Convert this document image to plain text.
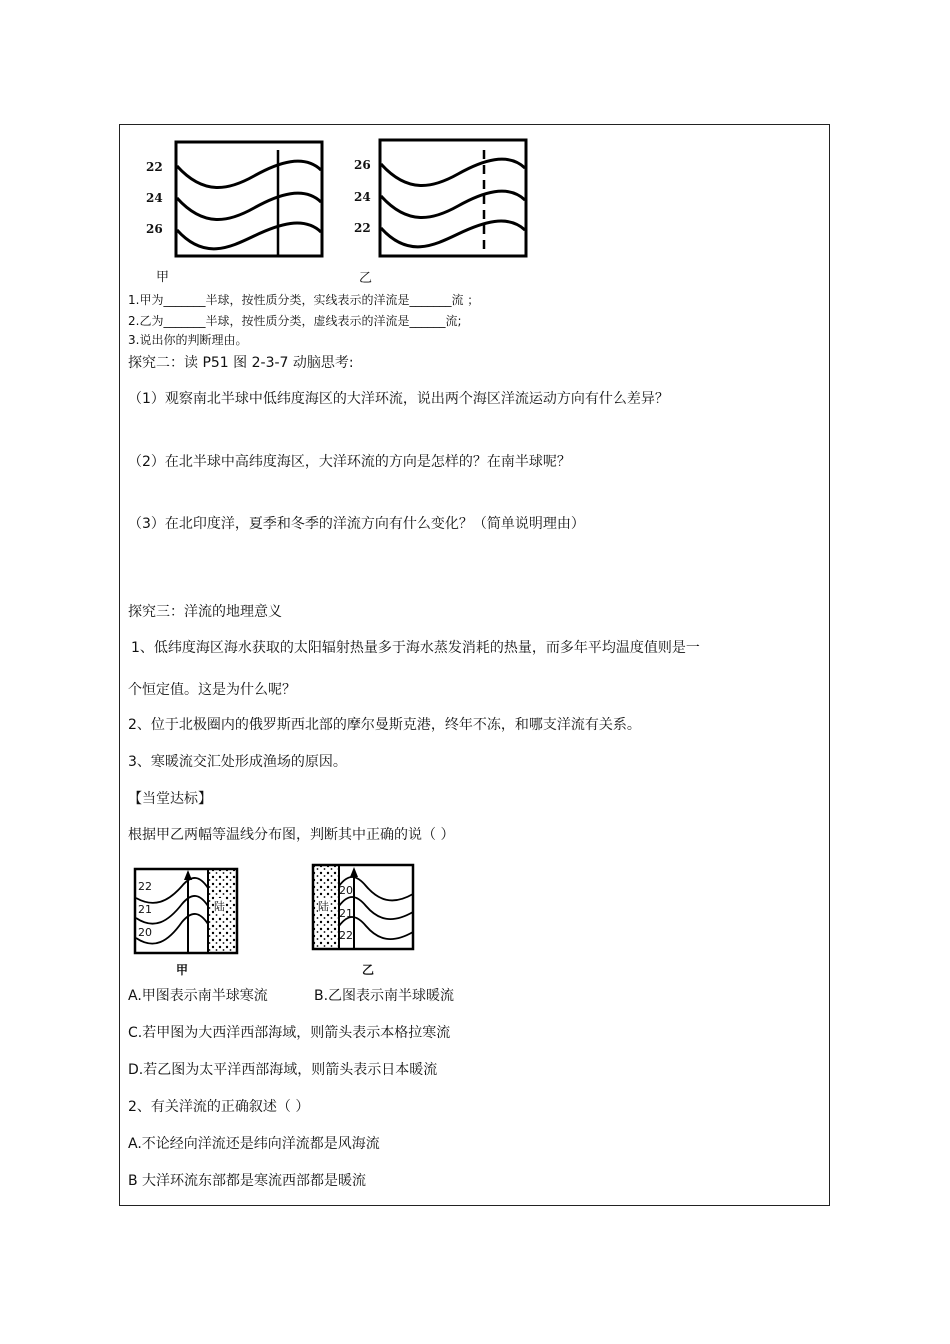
22
24
26
甲
26
24
22
乙
1.甲为_______半球，按性质分类，实线表示的洋流是_______流 ；
2.乙为_______半球，按性质分类，虚线表示的洋流是______流;
3.说出你的判断理由。
探究二：读 P51 图 2-3-7 动脑思考:
（1）观察南北半球中低纬度海区的大洋环流，说出两个海区洋流运动方向有什么差异？
（2）在北半球中高纬度海区，大洋环流的方向是怎样的？在南半球呢？
（3）在北印度洋，夏季和冬季的洋流方向有什么变化？（简单说明理由）
探究三：洋流的地理意义
1、低纬度海区海水获取的太阳辐射热量多于海水蒸发消耗的热量，而多年平均温度值则是一
个恒定值。这是为什么呢？
2、位于北极圈内的俄罗斯西北部的摩尔曼斯克港，终年不冻，和哪支洋流有关系。
3、寒暖流交汇处形成渔场的原因。
【当堂达标】
根据甲乙两幅等温线分布图，判断其中正确的说（ ）
22
21
20
陆
甲
20
21
22
陆
乙
A.甲图表示南半球寒流	B.乙图表示南半球暖流
C.若甲图为大西洋西部海域，则箭头表示本格拉寒流
D.若乙图为太平洋西部海域，则箭头表示日本暖流
2、有关洋流的正确叙述（ ）
A.不论经向洋流还是纬向洋流都是风海流
B 大洋环流东部都是寒流西部都是暖流
